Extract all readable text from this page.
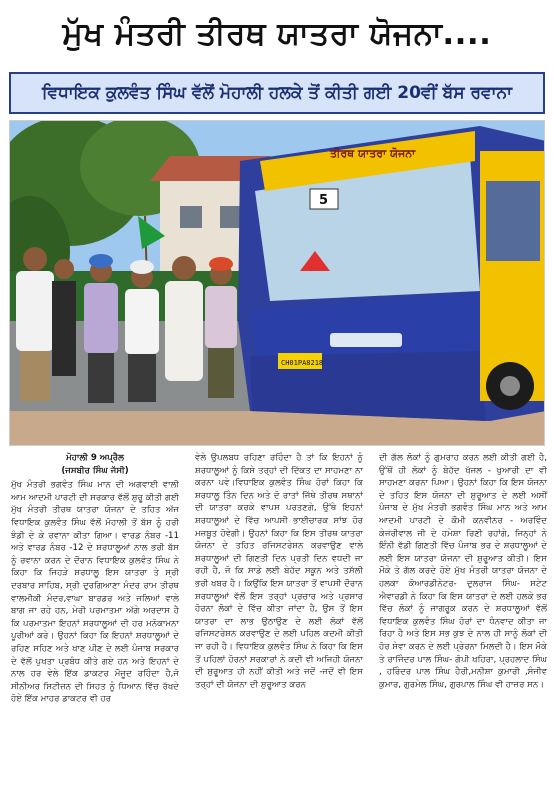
ਮੁੱਖ ਮੰਤਰੀ ਤੀਰਥ ਯਾਤਰਾ ਯੋਜਨਾ....
ਵਿਧਾਇਕ ਕੁਲਵੰਤ ਸਿੰਘ ਵੱਲੋਂ ਮੋਹਾਲੀ ਹਲਕੇ ਤੋਂ ਕੀਤੀ ਗਈ 20ਵੀਂ ਬੱਸ ਰਵਾਨਾ
ਤੀਰਥ ਯਾਤਰਾ ਯੋਜਨਾ
5
CH01PA8218
ਮੋਹਾਲੀ 9 ਅਪ੍ਰੈਲ
(ਜਸਬੀਰ ਸਿੰਘ ਜੱਸੀ)
ਮੁੱਖ ਮੰਤਰੀ ਭਗਵੰਤ ਸਿੰਘ ਮਾਨ ਦੀ ਅਗਵਾਈ ਵਾਲੀ ਆਮ ਆਦਮੀ ਪਾਰਟੀ ਦੀ ਸਰਕਾਰ ਵੱਲੋਂ ਸ਼ੁਰੂ ਕੀਤੀ ਗਈ ਮੁੱਖ ਮੰਤਰੀ ਤੀਰਥ ਯਾਤਰਾ ਯੋਜਨਾ ਦੇ ਤਹਿਤ ਅੱਜ ਵਿਧਾਇਕ ਕੁਲਵੰਤ ਸਿੰਘ ਵੱਲੋਂ ਮੋਹਾਲੀ ਤੋਂ ਬੱਸ ਨੂੰ ਹਰੀ ਝੰਡੀ ਦੇ ਕੇ ਰਵਾਨਾ ਕੀਤਾ ਗਿਆ। ਵਾਰਡ ਨੰਬਰ -11 ਅਤੇ ਵਾਰਡ ਨੰਬਰ -12 ਦੇ ਸ਼ਰਧਾਲੂਆਂ ਨਾਲ ਭਰੀ ਬੱਸ ਨੂੰ ਰਵਾਨਾ ਕਰਨ ਦੇ ਦੌਰਾਨ ਵਿਧਾਇਕ ਕੁਲਵੰਤ ਸਿੰਘ ਨੇ ਕਿਹਾ ਕਿ ਜਿਹੜੇ ਸ਼ਰਧਾਲੂ ਇਸ ਯਾਤਰਾ ਤੇ ਸ੍ਰੀ ਦਰਬਾਰ ਸਾਹਿਬ, ਸ੍ਰੀ ਦੁਰਗਿਆਣਾ ਮੰਦਰ ਰਾਮ ਤੀਰਥ ਵਾਲਮੀਕੀ ਮੰਦਰ,ਵਾਘਾ ਬਾਰਡਰ ਅਤੇ ਜਲਿਆਂ ਵਾਲੇ ਬਾਗ ਜਾ ਰਹੇ ਹਨ, ਮੇਰੀ ਪਰਮਾਤਮਾ ਅੱਗੇ ਅਰਦਾਸ ਹੈ ਕਿ ਪਰਮਾਤਮਾ ਇਹਨਾਂ ਸ਼ਰਧਾਲੂਆਂ ਦੀ ਹਰ ਮਨੋਕਾਮਨਾ ਪੂਰੀਆਂ ਕਰੇ। ਉਹਨਾਂ ਕਿਹਾ ਕਿ ਇਹਨਾਂ ਸ਼ਰਧਾਲੂਆਂ ਦੇ ਰਹਿਣ ਸਹਿਣ ਅਤੇ ਖਾਣ ਪੀਣ ਦੇ ਲਈ ਪੰਜਾਬ ਸਰਕਾਰ ਦੇ ਵੱਲੋਂ ਪੁਖਤਾ ਪ੍ਰਬੰਧ ਕੀਤੇ ਗਏ ਹਨ ਅਤੇ ਇਹਨਾਂ ਦੇ ਨਾਲ ਹਰ ਵੇਲੇ ਇੱਕ ਡਾਕਟਰ ਮੌਜੂਦ ਰਹਿੰਦਾ ਹੈ,ਜੋ ਸੀਨੀਅਰ ਸਿਟੀਜ਼ਨ ਦੀ ਸਿਹਤ ਨੂੰ ਧਿਆਨ ਵਿੱਚ ਰੱਖਦੇ ਹੋਏ ਇੱਕ ਮਾਹਰ ਡਾਕਟਰ ਵੀ ਹਰ
ਵੇਲੇ ਉਪਲਬਧ ਰਹਿਣਾ ਰਹਿੰਦਾ ਹੈ ਤਾਂ ਕਿ ਇਹਨਾਂ ਨੂੰ ਸ਼ਰਧਾਲੂਆਂ ਨੂੰ ਕਿਸੇ ਤਰ੍ਹਾਂ ਦੀ ਦਿੱਕਤ ਦਾ ਸਾਹਮਣਾ ਨਾ ਕਰਨਾ ਪਵੇ।ਵਿਧਾਇਕ ਕੁਲਵੰਤ ਸਿੰਘ ਹੋਰਾਂ ਕਿਹਾ ਕਿ ਸ਼ਰਧਾਲੂ ਤਿੰਨ ਦਿਨ ਅਤੇ ਦੋ ਰਾਤਾਂ ਜਿੱਥੇ ਤੀਰਥ ਸਥਾਨਾਂ ਦੀ ਯਾਤਰਾ ਕਰਕੇ ਵਾਪਸ ਪਰਤਣਗੇ, ਉੱਥੇ ਇਹਨਾਂ ਸ਼ਰਧਾਲੂਆਂ ਦੇ ਵਿੱਚ ਆਪਸੀ ਭਾਈਚਾਰਕ ਸਾਂਝ ਹੋਰ ਮਜ਼ਬੂਤ ਹੋਵੇਗੀ। ਉਹਨਾਂ ਕਿਹਾ ਕਿ ਇਸ ਤੀਰਥ ਯਾਤਰਾ ਯੋਜਨਾ ਦੇ ਤਹਿਤ ਰਜਿਸਟਰੇਸ਼ਨ ਕਰਵਾਉਣ ਵਾਲੇ ਸ਼ਰਧਾਲੂਆਂ ਦੀ ਗਿਣਤੀ ਦਿਨ ਪ੍ਰਤੀ ਦਿਨ ਵਧਦੀ ਜਾ ਰਹੀ ਹੈ, ਜੋ ਕਿ ਸਾਡੇ ਲਈ ਬੇਹੱਦ ਸਕੂਨ ਅਤੇ ਤਸੱਲੀ ਭਰੀ ਖਬਰ ਹੈ। ਕਿਉਂਕਿ ਇਸ ਯਾਤਰਾ ਤੋਂ ਵਾਪਸੀ ਦੌਰਾਨ ਸ਼ਰਧਾਲੂਆਂ ਵੱਲੋਂ ਇਸ ਤਰ੍ਹਾਂ ਪ੍ਰਚਾਰ ਅਤੇ ਪ੍ਰਸਾਰ ਹੋਰਨਾ ਲੋਕਾਂ ਦੇ ਵਿੱਚ ਕੀਤਾ ਜਾਂਦਾ ਹੈ, ਉਸ ਤੋਂ ਇਸ ਯਾਤਰਾ ਦਾ ਲਾਭ ਉਠਾਉਣ ਦੇ ਲਈ ਲੋਕਾਂ ਵੱਲੋਂ ਰਜਿਸਟਰੇਸ਼ਨ ਕਰਵਾਉਣ ਦੇ ਲਈ ਪਹਿਲ ਕਦਮੀ ਕੀਤੀ ਜਾ ਰਹੀ ਹੈ। ਵਿਧਾਇਕ ਕੁਲਵੰਤ ਸਿੰਘ ਨੇ ਕਿਹਾ ਕਿ ਇਸ ਤੋਂ ਪਹਿਲਾਂ ਹੋਰਨਾਂ ਸਰਕਾਰਾਂ ਨੇ ਕਦੀ ਵੀ ਅਜਿਹੀ ਯੋਜਨਾ ਦੀ ਸ਼ੁਰੂਆਤ ਹੀ ਨਹੀਂ ਕੀਤੀ ਅਤੇ ਜਦੋਂ -ਜਦੋਂ ਵੀ ਇਸ ਤਰ੍ਹਾਂ ਦੀ ਯੋਜਨਾ ਦੀ ਸ਼ੁਰੂਆਤ ਕਰਨ
ਦੀ ਗੱਲ ਲੋਕਾਂ ਨੂੰ ਗੁਮਰਾਹ ਕਰਨ ਲਈ ਕੀਤੀ ਗਈ ਹੈ, ਉੱਥੋਂ ਹੀ ਲੋਕਾਂ ਨੂੰ ਬੇਹੱਦ ਖੱਜਲ - ਖੁਆਰੀ ਦਾ ਵੀ ਸਾਹਮਣਾ ਕਰਨਾ ਪਿਆ। ਉਹਨਾਂ ਕਿਹਾ ਕਿ ਇਸ ਯੋਜਨਾ ਦੇ ਤਹਿਤ ਇਸ ਯੋਜਨਾ ਦੀ ਸ਼ੁਰੂਆਤ ਦੇ ਲਈ ਅਸੀਂ ਪੰਜਾਬ ਦੇ ਮੁੱਖ ਮੰਤਰੀ ਭਗਵੰਤ ਸਿੰਘ ਮਾਨ ਅਤੇ ਆਮ ਆਦਮੀ ਪਾਰਟੀ ਦੇ ਕੌਮੀ ਕਨਵੀਨਰ - ਅਰਵਿੰਦ ਕੇਜਰੀਵਾਲ ਜੀ ਦੇ ਹਮੇਸ਼ਾ ਰਿਣੀ ਰਹਾਂਗੇ, ਜਿਨ੍ਹਾਂ ਨੇ ਇੰਨੀ ਵੱਡੀ ਗਿਣਤੀ ਵਿੱਚ ਪੰਜਾਬ ਭਰ ਦੇ ਸ਼ਰਧਾਲੂਆਂ ਦੇ ਲਈ ਇਸ ਯਾਤਰਾ ਯੋਜਨਾ ਦੀ ਸ਼ੁਰੂਆਤ ਕੀਤੀ। ਇਸ ਮੌਕੇ ਤੇ ਗੱਲ ਕਰਦੇ ਹੋਏ ਮੁੱਖ ਮੰਤਰੀ ਯਾਤਰਾ ਯੋਜਨਾ ਦੇ ਹਲਕਾ ਕੋਆਰਡੀਨੇਟਰ- ਦੁਲਰਾਜ ਸਿੰਘ- ਸਟੇਟ ਐਵਾਰਡੀ ਨੇ ਕਿਹਾ ਕਿ ਇਸ ਯਾਤਰਾ ਦੇ ਲਈ ਹਲਕੇ ਭਰ ਵਿੱਚ ਲੋਕਾਂ ਨੂੰ ਜਾਗਰੂਕ ਕਰਨ ਦੇ ਸ਼ਰਧਾਲੂਆਂ ਵੱਲੋਂ ਵਿਧਾਇਕ ਕੁਲਵੰਤ ਸਿੰਘ ਹੋਰਾਂ ਦਾ ਧੰਨਵਾਦ ਕੀਤਾ ਜਾ ਰਿਹਾ ਹੈ ਅਤੇ ਇਸ ਸਭ ਕੁਝ ਦੇ ਨਾਲ ਹੀ ਸਾਨੂੰ ਲੋਕਾਂ ਦੀ ਹੋਰ ਸੇਵਾ ਕਰਨ ਦੇ ਲਈ ਪ੍ਰੇਰਨਾ ਮਿਲਦੀ ਹੈ। ਇਸ ਮੌਕੇ ਤੇ ਰਾਜਿੰਦਰ ਪਾਲ ਸਿੰਘ- ਗੋਪੀ ਖਹਿਰਾ, ਪ੍ਰਹਲਾਦ ਸਿੰਘ , ਹਰਿੰਦਰ ਪਾਲ ਸਿੰਘ ਹੈਰੀ,ਮਨੀਸ਼ਾ ਕੁਮਾਰੀ ,ਸੰਜੀਵ ਕੁਮਾਰ, ਗੁਰਮੇਲ ਸਿੰਘ, ਗੁਰਪਾਲ ਸਿੰਘ ਵੀ ਹਾਜ਼ਰ ਸਨ।
